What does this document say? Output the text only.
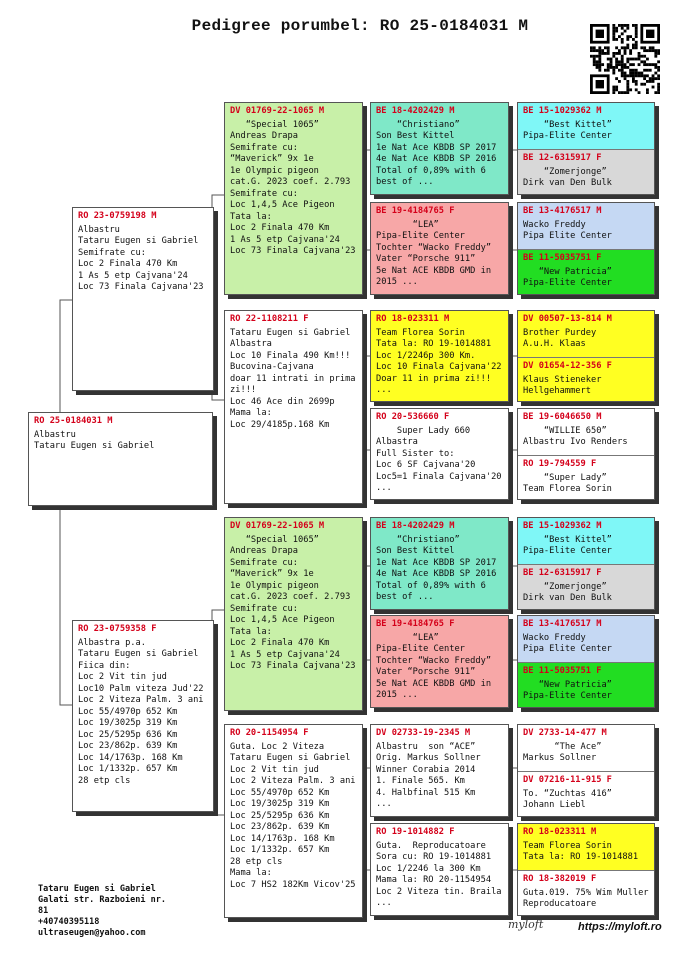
Pedigree porumbel: RO 25-0184031 M
RO 25-0184031 M
Albastru
Tataru Eugen si Gabriel
RO 23-0759198 M
Albastru
Tataru Eugen si Gabriel
Semifrate cu:
Loc 2 Finala 470 Km
1 As 5 etp Cajvana'24
Loc 73 Finala Cajvana'23
RO 23-0759358 F
Albastra p.a.
Tataru Eugen si Gabriel
Fiica din:
Loc 2 Vit tin jud
Loc10 Palm viteza Jud'22
Loc 2 Viteza Palm. 3 ani
Loc 55/4970p 652 Km
Loc 19/3025p 319 Km
Loc 25/5295p 636 Km
Loc 23/862p. 639 Km
Loc 14/1763p. 168 Km
Loc 1/1332p. 657 Km
28 etp cls
DV 01769-22-1065 M
“Special 1065”
Andreas Drapa
Semifrate cu:
“Maverick” 9x 1e
1e Olympic pigeon
cat.G. 2023 coef. 2.793
Semifrate cu:
Loc 1,4,5 Ace Pigeon
Tata la:
Loc 2 Finala 470 Km
1 As 5 etp Cajvana'24
Loc 73 Finala Cajvana'23
RO 22-1108211 F
Tataru Eugen si Gabriel
Albastra
Loc 10 Finala 490 Km!!!
Bucovina-Cajvana
doar 11 intrati in prima
zi!!!
Loc 46 Ace din 2699p
Mama la:
Loc 29/4185p.168 Km
DV 01769-22-1065 M
“Special 1065”
Andreas Drapa
Semifrate cu:
“Maverick” 9x 1e
1e Olympic pigeon
cat.G. 2023 coef. 2.793
Semifrate cu:
Loc 1,4,5 Ace Pigeon
Tata la:
Loc 2 Finala 470 Km
1 As 5 etp Cajvana'24
Loc 73 Finala Cajvana'23
RO 20-1154954 F
Guta. Loc 2 Viteza
Tataru Eugen si Gabriel
Loc 2 Vit tin jud
Loc 2 Viteza Palm. 3 ani
Loc 55/4970p 652 Km
Loc 19/3025p 319 Km
Loc 25/5295p 636 Km
Loc 23/862p. 639 Km
Loc 14/1763p. 168 Km
Loc 1/1332p. 657 Km
28 etp cls
Mama la:
Loc 7 HS2 182Km Vicov'25
BE 18-4202429 M
“Christiano”
Son Best Kittel
1e Nat Ace KBDB SP 2017
4e Nat Ace KBDB SP 2016
Total of 0,89% with 6
best of ...
BE 19-4184765 F
“LEA”
Pipa-Elite Center
Tochter “Wacko Freddy”
Vater “Porsche 911”
5e Nat ACE KBDB GMD in
2015 ...
RO 18-023311 M
Team Florea Sorin
Tata la: RO 19-1014881
Loc 1/2246p 300 Km.
Loc 10 Finala Cajvana'22
Doar 11 in prima zi!!!
...
RO 20-536660 F
Super Lady 660
Albastra
Full Sister to:
Loc 6 SF Cajvana'20
Loc5=1 Finala Cajvana'20
...
BE 18-4202429 M
“Christiano”
Son Best Kittel
1e Nat Ace KBDB SP 2017
4e Nat Ace KBDB SP 2016
Total of 0,89% with 6
best of ...
BE 19-4184765 F
“LEA”
Pipa-Elite Center
Tochter “Wacko Freddy”
Vater “Porsche 911”
5e Nat ACE KBDB GMD in
2015 ...
DV 02733-19-2345 M
Albastru  son “ACE”
Orig. Markus Sollner
Winner Corabia 2014
1. Finale 565. Km
4. Halbfinal 515 Km
...
RO 19-1014882 F
Guta.  Reproducatoare
Sora cu: RO 19-1014881
Loc 1/2246 la 300 Km
Mama la: RO 20-1154954
Loc 2 Viteza tin. Braila
...
BE 15-1029362 M
“Best Kittel”
Pipa-Elite Center
BE 12-6315917 F
“Zomerjonge”
Dirk van Den Bulk
BE 13-4176517 M
Wacko Freddy
Pipa Elite Center
BE 11-5035751 F
“New Patricia”
Pipa-Elite Center
DV 00507-13-814 M
Brother Purdey
A.u.H. Klaas
DV 01654-12-356 F
Klaus Stieneker
Hellgehammert
BE 19-6046650 M
“WILLIE 650”
Albastru Ivo Renders
RO 19-794559 F
“Super Lady”
Team Florea Sorin
BE 15-1029362 M
“Best Kittel”
Pipa-Elite Center
BE 12-6315917 F
“Zomerjonge”
Dirk van Den Bulk
BE 13-4176517 M
Wacko Freddy
Pipa Elite Center
BE 11-5035751 F
“New Patricia”
Pipa-Elite Center
DV 2733-14-477 M
“The Ace”
Markus Sollner
DV 07216-11-915 F
To. “Zuchtas 416”
Johann Liebl
RO 18-023311 M
Team Florea Sorin
Tata la: RO 19-1014881
RO 18-382019 F
Guta.019. 75% Wim Muller
Reproducatoare
Tataru Eugen si Gabriel
Galati str. Razboieni nr.
81
+40740395118
ultraseugen@yahoo.com
myloft	https://myloft.ro
